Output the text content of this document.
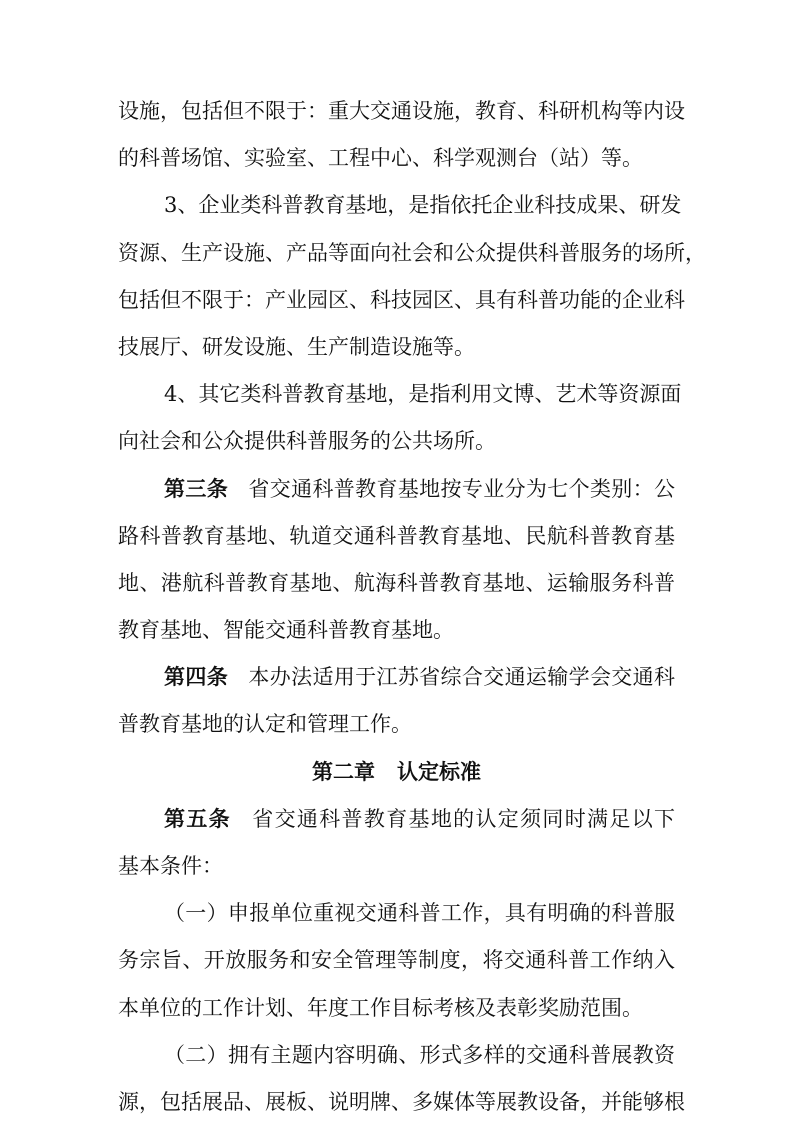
设施，包括但不限于：重大交通设施，教育、科研机构等内设
的科普场馆、实验室、工程中心、科学观测台（站）等。
3、企业类科普教育基地，是指依托企业科技成果、研发
资源、生产设施、产品等面向社会和公众提供科普服务的场所，
包括但不限于：产业园区、科技园区、具有科普功能的企业科
技展厅、研发设施、生产制造设施等。
4、其它类科普教育基地，是指利用文博、艺术等资源面
向社会和公众提供科普服务的公共场所。
第三条 省交通科普教育基地按专业分为七个类别：公
路科普教育基地、轨道交通科普教育基地、民航科普教育基
地、港航科普教育基地、航海科普教育基地、运输服务科普
教育基地、智能交通科普教育基地。
第四条 本办法适用于江苏省综合交通运输学会交通科
普教育基地的认定和管理工作。
第二章 认定标准
第五条 省交通科普教育基地的认定须同时满足以下
基本条件：
（一）申报单位重视交通科普工作，具有明确的科普服
务宗旨、开放服务和安全管理等制度，将交通科普工作纳入
本单位的工作计划、年度工作目标考核及表彰奖励范围。
（二）拥有主题内容明确、形式多样的交通科普展教资
源，包括展品、展板、说明牌、多媒体等展教设备，并能够根
